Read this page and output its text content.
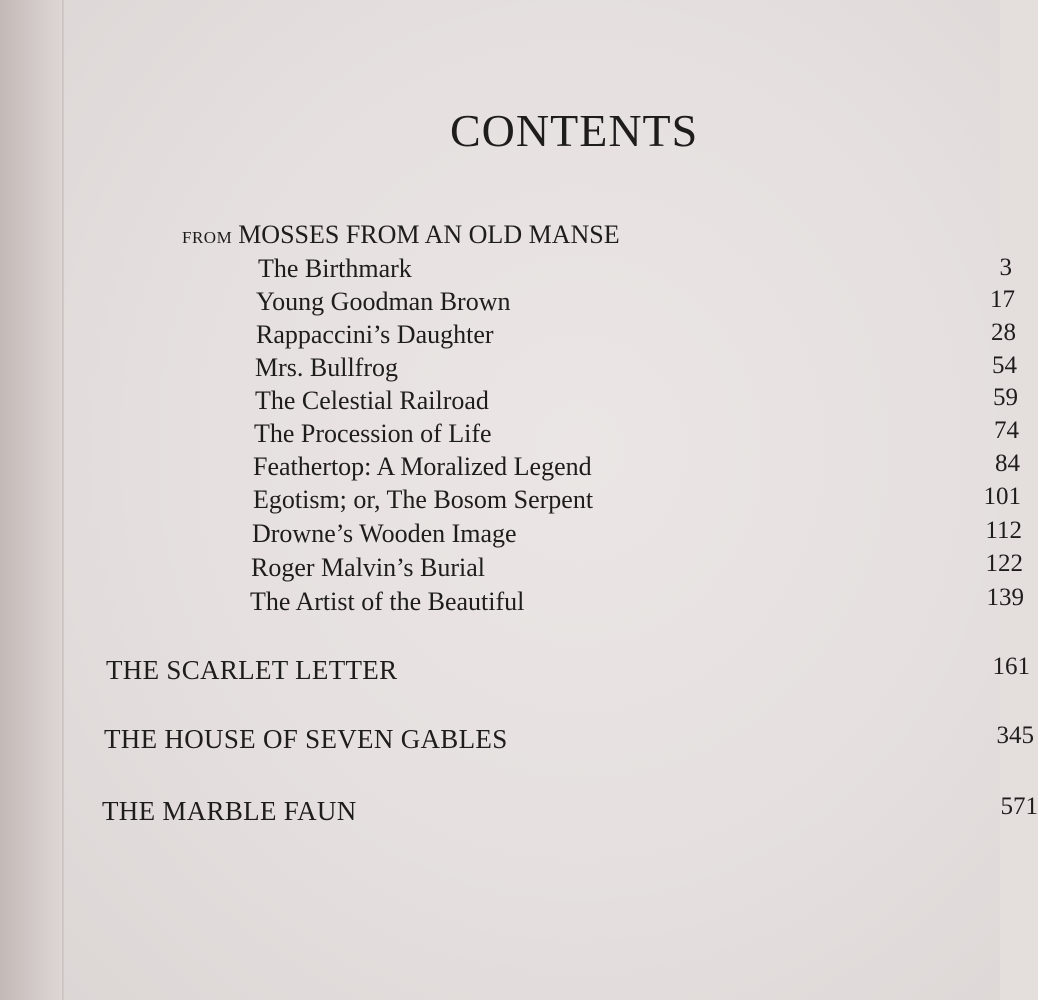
CONTENTS
FROM MOSSES FROM AN OLD MANSE
The Birthmark	3
Young Goodman Brown	17
Rappaccini’s Daughter	28
Mrs. Bullfrog	54
The Celestial Railroad	59
The Procession of Life	74
Feathertop: A Moralized Legend	84
Egotism; or, The Bosom Serpent	101
Drowne’s Wooden Image	112
Roger Malvin’s Burial	122
The Artist of the Beautiful	139
THE SCARLET LETTER	161
THE HOUSE OF SEVEN GABLES	345
THE MARBLE FAUN	571
